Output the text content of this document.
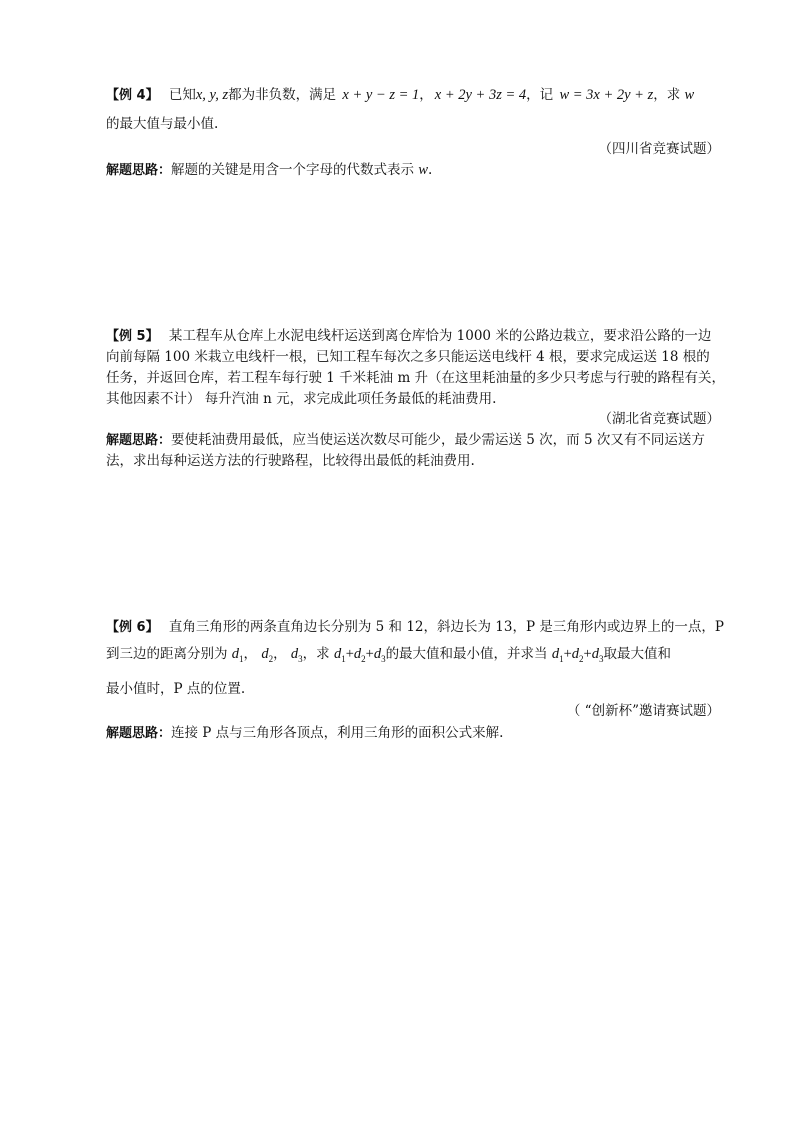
【例 4】 已知x, y, z都为非负数，满足 x + y − z = 1， x + 2y + 3z = 4，记 w = 3x + 2y + z，求 w
的最大值与最小值.
（四川省竞赛试题）
解题思路：解题的关键是用含一个字母的代数式表示 w.
【例 5】 某工程车从仓库上水泥电线杆运送到离仓库恰为 1000 米的公路边栽立，要求沿公路的一边
向前每隔 100 米栽立电线杆一根，已知工程车每次之多只能运送电线杆 4 根，要求完成运送 18 根的
任务，并返回仓库，若工程车每行驶 1 千米耗油 m 升（在这里耗油量的多少只考虑与行驶的路程有关，
其他因素不计） 每升汽油 n 元，求完成此项任务最低的耗油费用.
（湖北省竞赛试题）
解题思路：要使耗油费用最低，应当使运送次数尽可能少，最少需运送 5 次，而 5 次又有不同运送方
法，求出每种运送方法的行驶路程，比较得出最低的耗油费用.
【例 6】 直角三角形的两条直角边长分别为 5 和 12，斜边长为 13，P 是三角形内或边界上的一点，P
到三边的距离分别为 $d_1$， $d_2$， $d_3$，求 $d_1+d_2+d_3$的最大值和最小值，并求当 $d_1+d_2+d_3$取最大值和
最小值时，P 点的位置.
（ “创新杯”邀请赛试题）
解题思路：连接 P 点与三角形各顶点，利用三角形的面积公式来解.
